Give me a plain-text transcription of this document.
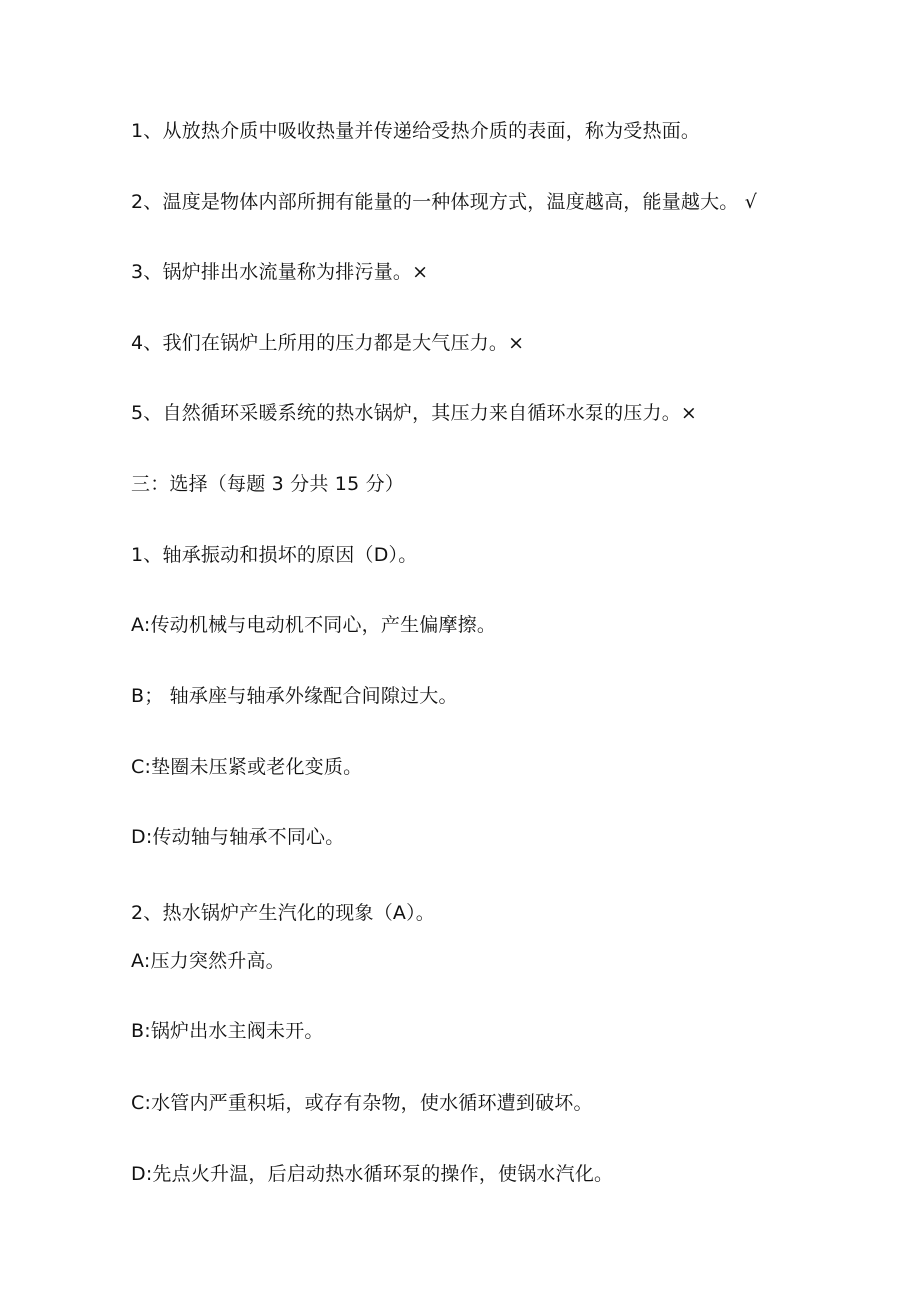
1、从放热介质中吸收热量并传递给受热介质的表面，称为受热面。

2、温度是物体内部所拥有能量的一种体现方式，温度越高，能量越大。 √

3、锅炉排出水流量称为排污量。×

4、我们在锅炉上所用的压力都是大气压力。×

5、自然循环采暖系统的热水锅炉，其压力来自循环水泵的压力。×

三：选择（每题 3 分共 15 分）

1、轴承振动和损坏的原因（D）。

A:传动机械与电动机不同心，产生偏摩擦。

B； 轴承座与轴承外缘配合间隙过大。

C:垫圈未压紧或老化变质。

D:传动轴与轴承不同心。

2、热水锅炉产生汽化的现象（A）。

A:压力突然升高。

B:锅炉出水主阀未开。

C:水管内严重积垢，或存有杂物，使水循环遭到破坏。

D:先点火升温，后启动热水循环泵的操作，使锅水汽化。
